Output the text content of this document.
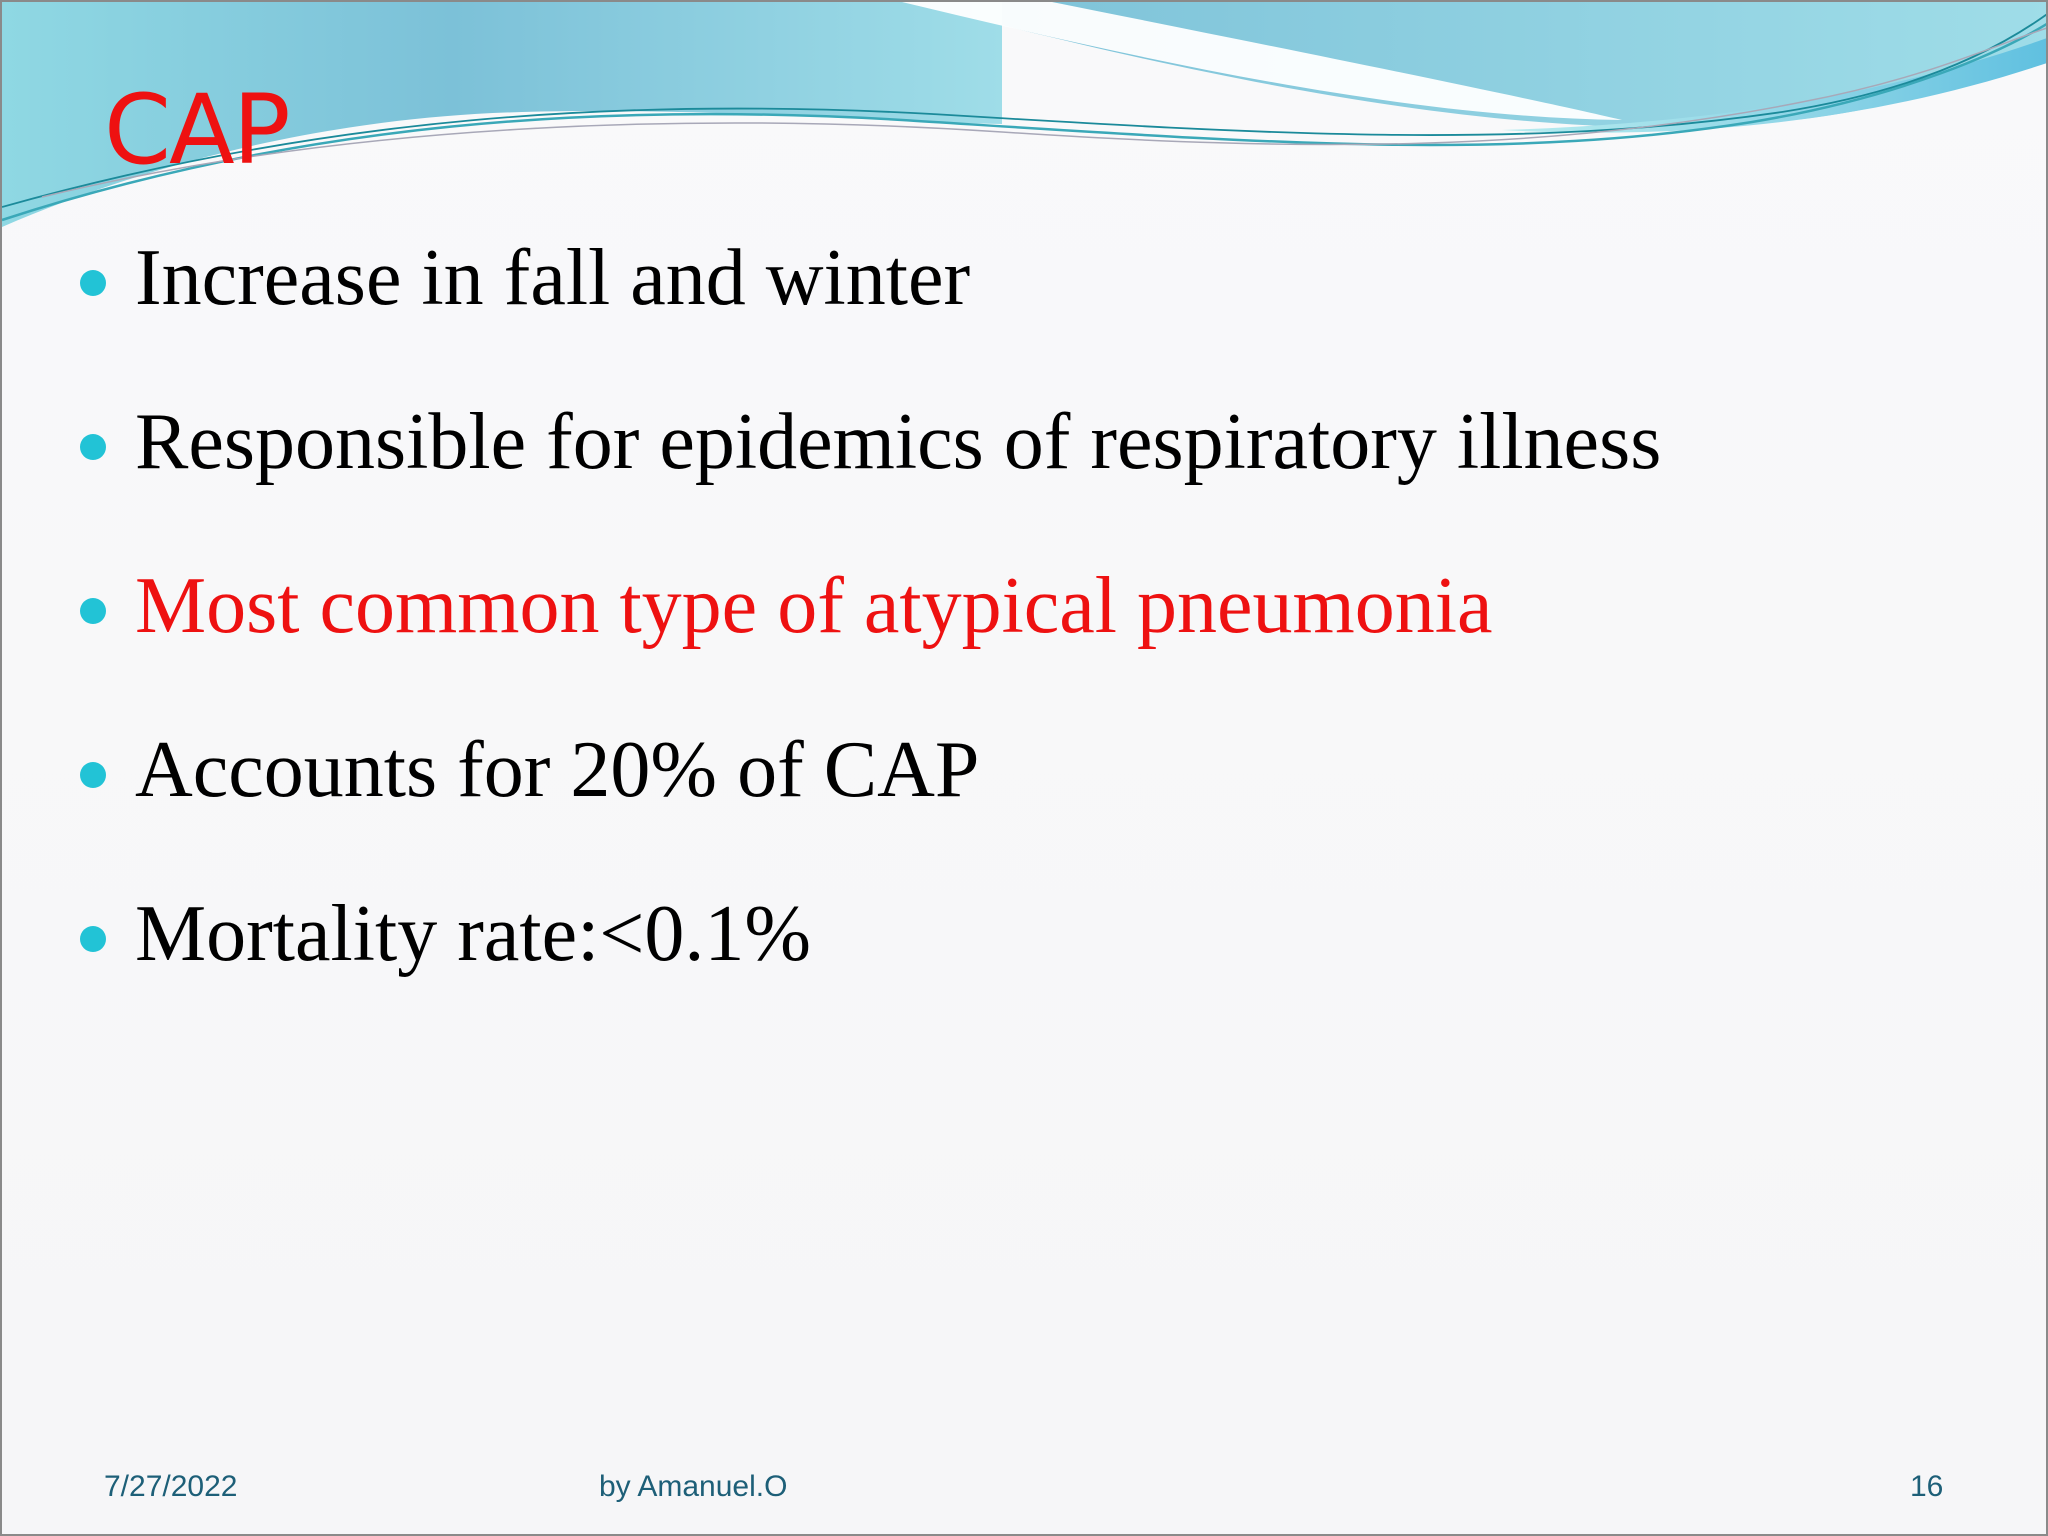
CAP
Increase in fall and winter
Responsible for epidemics of respiratory illness
Most common type of atypical pneumonia
Accounts for 20% of CAP
Mortality rate:<0.1%
7/27/2022	by Amanuel.O	16
